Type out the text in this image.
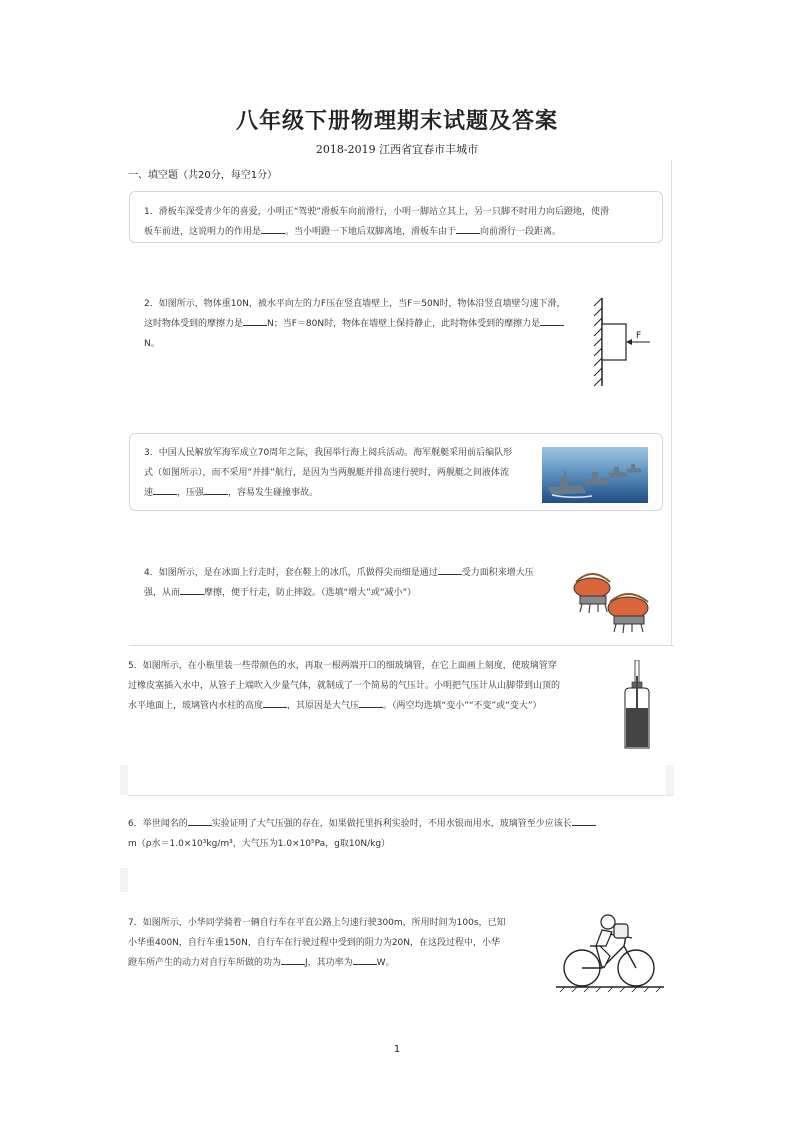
八年级下册物理期末试题及答案
2018-2019 江西省宜春市丰城市
一、填空题（共20分，每空1分）
1．滑板车深受青少年的喜爱，小明正“驾驶”滑板车向前滑行，小明一脚站立其上，另一只脚不时用力向后蹬地，使滑
板车前进，这说明力的作用是	。当小明蹬一下地后双脚离地，滑板车由于	向前滑行一段距离。
2．如图所示，物体重10N，被水平向左的力F压在竖直墙壁上，当F＝50N时，物体沿竖直墙壁匀速下滑，
这时物体受到的摩擦力是	N；当F＝80N时，物体在墙壁上保持静止，此时物体受到的摩擦力是
N。
F
3．中国人民解放军海军成立70周年之际，我国举行海上阅兵活动。海军舰艇采用前后编队形
式（如图所示），而不采用“并排”航行，是因为当两舰艇并排高速行驶时，两舰艇之间液体流
速	，压强	，容易发生碰撞事故。
4．如图所示，是在冰面上行走时，套在鞋上的冰爪，爪做得尖而细是通过	受力面积来增大压
强，从而	摩擦，便于行走，防止摔跤。（选填“增大”或“减小”）
5．如图所示，在小瓶里装一些带颜色的水，再取一根两端开口的细玻璃管，在它上面画上刻度，使玻璃管穿
过橡皮塞插入水中，从管子上端吹入少量气体，就制成了一个简易的气压计。小明把气压计从山脚带到山顶的
水平地面上，玻璃管内水柱的高度	，其原因是大气压	。（两空均选填“变小”“不变”或“变大”）
6．举世闻名的	实验证明了大气压强的存在，如果做托里拆利实验时，不用水银而用水，玻璃管至少应该长
m（ρ水＝1.0×10³kg/m³，大气压为1.0×10⁵Pa，g取10N/kg）
7．如图所示，小华同学骑着一辆自行车在平直公路上匀速行驶300m，所用时间为100s，已知
小华重400N，自行车重150N，自行车在行驶过程中受到的阻力为20N，在这段过程中，小华
蹬车所产生的动力对自行车所做的功为	J，其功率为	W。
1
